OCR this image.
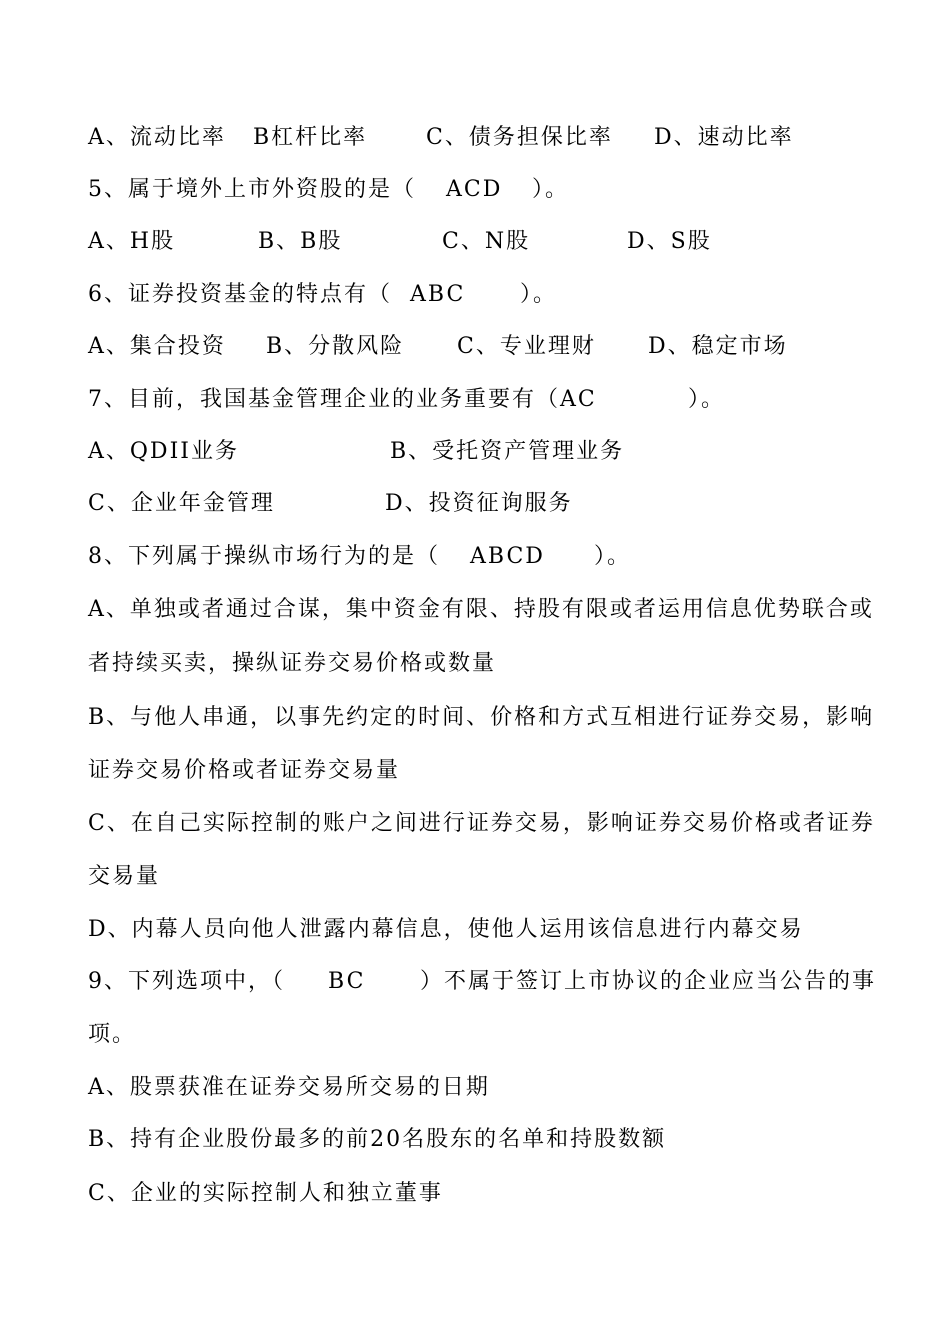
A、流动比率 B杠杆比率	C、债务担保比率 D、速动比率
5、属于境外上市外资股的是（ ACD ）。
A、H股	B、B股	C、N股	D、S股
6、证券投资基金的特点有（ ABC ）。
A、集合投资 B、分散风险 C、专业理财 D、稳定市场
7、目前，我国基金管理企业的业务重要有（AC	）。
A、QDII业务	B、受托资产管理业务
C、企业年金管理	D、投资征询服务
8、下列属于操纵市场行为的是（ ABCD ）。
A、单独或者通过合谋，集中资金有限、持股有限或者运用信息优势联合或
者持续买卖，操纵证券交易价格或数量
B、与他人串通，以事先约定的时间、价格和方式互相进行证券交易，影响
证券交易价格或者证券交易量
C、在自己实际控制的账户之间进行证券交易，影响证券交易价格或者证券
交易量
D、内幕人员向他人泄露内幕信息，使他人运用该信息进行内幕交易
9、下列选项中，（ BC ）不属于签订上市协议的企业应当公告的事
项。
A、股票获准在证券交易所交易的日期
B、持有企业股份最多的前20名股东的名单和持股数额
C、企业的实际控制人和独立董事
